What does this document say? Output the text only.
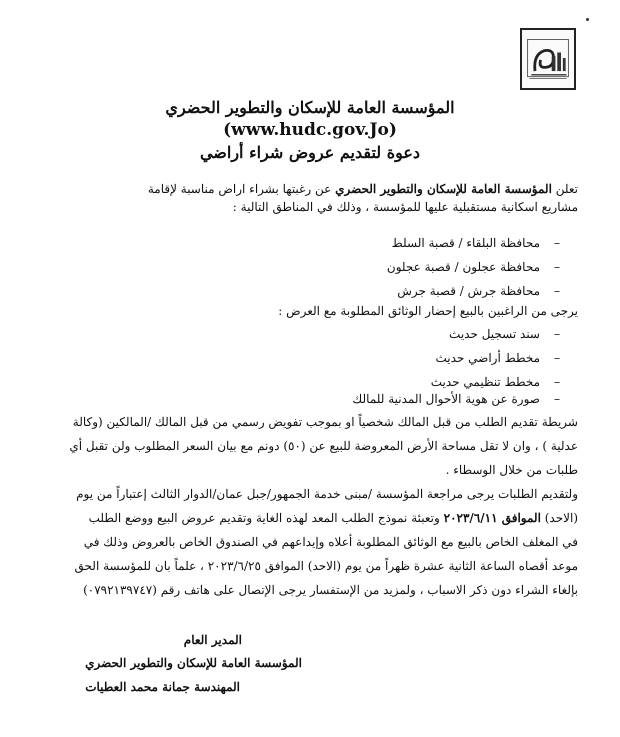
المؤسسة العامة للإسكان والتطوير الحضري
(www.hudc.gov.Jo)
دعوة لتقديم عروض شراء أراضي
تعلن المؤسسة العامة للإسكان والتطوير الحضري عن رغبتها بشراء اراض مناسبة لإقامة
مشاريع اسكانية مستقبلية عليها للمؤسسة ، وذلك في المناطق التالية :
–محافظة البلقاء / قصبة السلط
–محافظة عجلون / قصبة عجلون
–محافظة جرش / قصبة جرش
يرجى من الراغبين بالبيع إحضار الوثائق المطلوبة مع العرض :
–سند تسجيل حديث
–مخطط أراضي حديث
–مخطط تنظيمي حديث
–صورة عن هوية الأحوال المدنية للمالك
شريطة تقديم الطلب من قبل المالك شخصياً او بموجب تفويض رسمي من قبل المالك /المالكين (وكالة
عدلية ) ، وان لا تقل مساحة الأرض المعروضة للبيع عن (٥٠) دونم مع بيان السعر المطلوب ولن تقبل أي
طلبات من خلال الوسطاء .
ولتقديم الطلبات يرجى مراجعة المؤسسة /مبنى خدمة الجمهور/جبل عمان/الدوار الثالث إعتباراً من يوم
(الاحد) الموافق ٢٠٢٣/٦/١١ وتعبئة نموذج الطلب المعد لهذه الغاية وتقديم عروض البيع ووضع الطلب
في المغلف الخاص بالبيع مع الوثائق المطلوبة أعلاه وإيداعهم في الصندوق الخاص بالعروض وذلك في
موعد أقصاه الساعة الثانية عشرة ظهراً من يوم (الاحد) الموافق ٢٠٢٣/٦/٢٥ ، علماً بان للمؤسسة الحق
بإلغاء الشراء دون ذكر الاسباب ، ولمزيد من الإستفسار يرجى الإتصال على هاتف رقم (٠٧٩٢١٣٩٧٤٧)
المدير العام
المؤسسة العامة للإسكان والتطوير الحضري
المهندسة جمانة محمد العطيات
